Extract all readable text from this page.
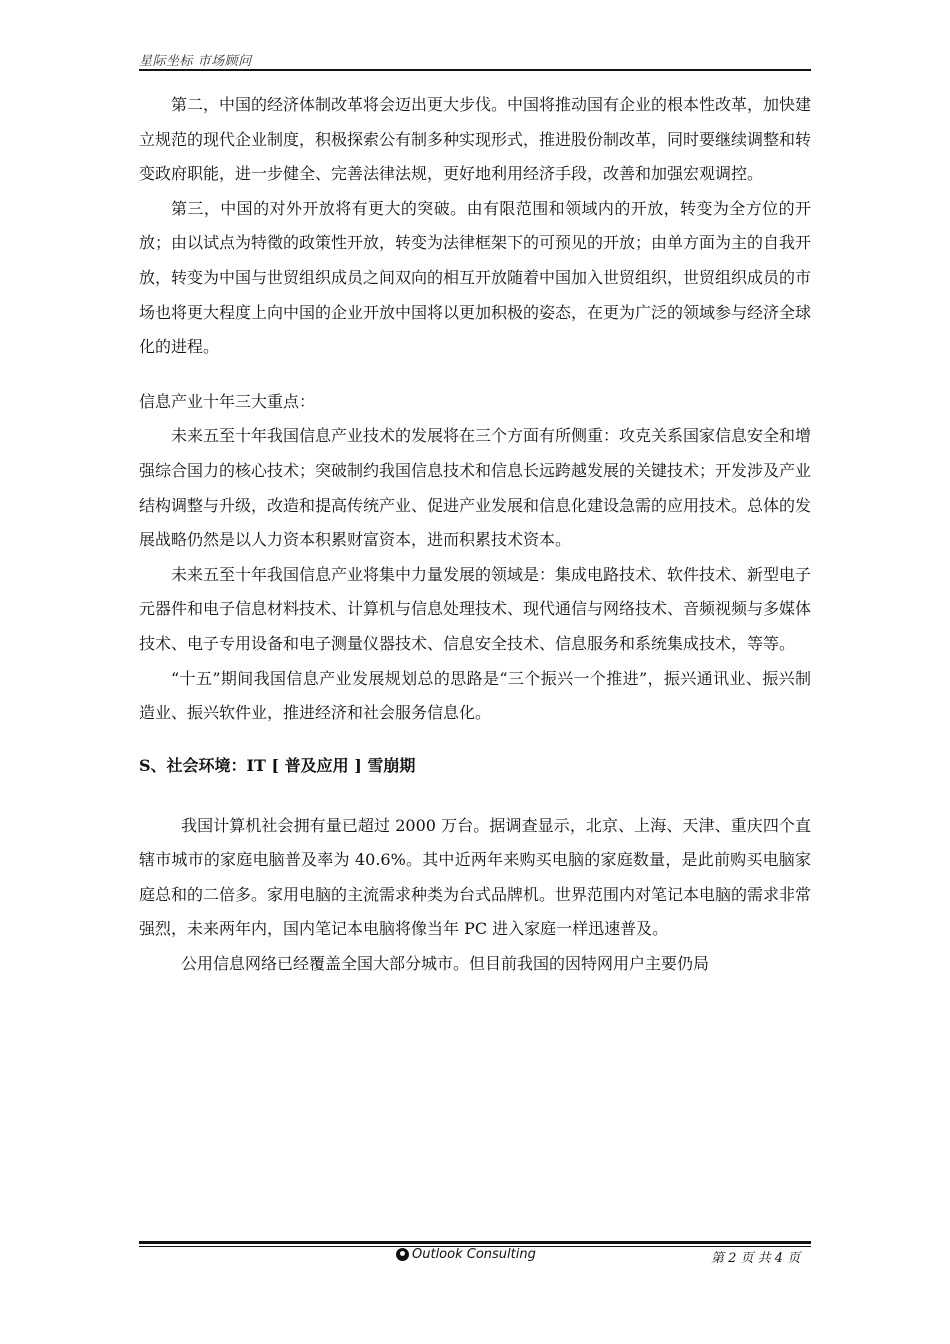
星际坐标 市场顾问

第二，中国的经济体制改革将会迈出更大步伐。中国将推动国有企业的根本性改革，加快建立规范的现代企业制度，积极探索公有制多种实现形式，推进股份制改革，同时要继续调整和转变政府职能，进一步健全、完善法律法规，更好地利用经济手段，改善和加强宏观调控。

第三，中国的对外开放将有更大的突破。由有限范围和领域内的开放，转变为全方位的开放；由以试点为特徵的政策性开放，转变为法律框架下的可预见的开放；由单方面为主的自我开放，转变为中国与世贸组织成员之间双向的相互开放随着中国加入世贸组织，世贸组织成员的市场也将更大程度上向中国的企业开放中国将以更加积极的姿态，在更为广泛的领域参与经济全球化的进程。

信息产业十年三大重点：

未来五至十年我国信息产业技术的发展将在三个方面有所侧重：攻克关系国家信息安全和增强综合国力的核心技术；突破制约我国信息技术和信息长远跨越发展的关键技术；开发涉及产业结构调整与升级，改造和提高传统产业、促进产业发展和信息化建设急需的应用技术。总体的发展战略仍然是以人力资本积累财富资本，进而积累技术资本。

未来五至十年我国信息产业将集中力量发展的领域是：集成电路技术、软件技术、新型电子元器件和电子信息材料技术、计算机与信息处理技术、现代通信与网络技术、音频视频与多媒体技术、电子专用设备和电子测量仪器技术、信息安全技术、信息服务和系统集成技术，等等。

“十五”期间我国信息产业发展规划总的思路是“三个振兴一个推进”，振兴通讯业、振兴制造业、振兴软件业，推进经济和社会服务信息化。

S、社会环境：IT [ 普及应用 ] 雪崩期

我国计算机社会拥有量已超过 2000 万台。据调查显示，北京、上海、天津、重庆四个直辖市城市的家庭电脑普及率为 40.6%。其中近两年来购买电脑的家庭数量，是此前购买电脑家庭总和的二倍多。家用电脑的主流需求种类为台式品牌机。世界范围内对笔记本电脑的需求非常强烈，未来两年内，国内笔记本电脑将像当年 PC 进入家庭一样迅速普及。

公用信息网络已经覆盖全国大部分城市。但目前我国的因特网用户主要仍局

Outlook Consulting	第 2 页 共 4 页
